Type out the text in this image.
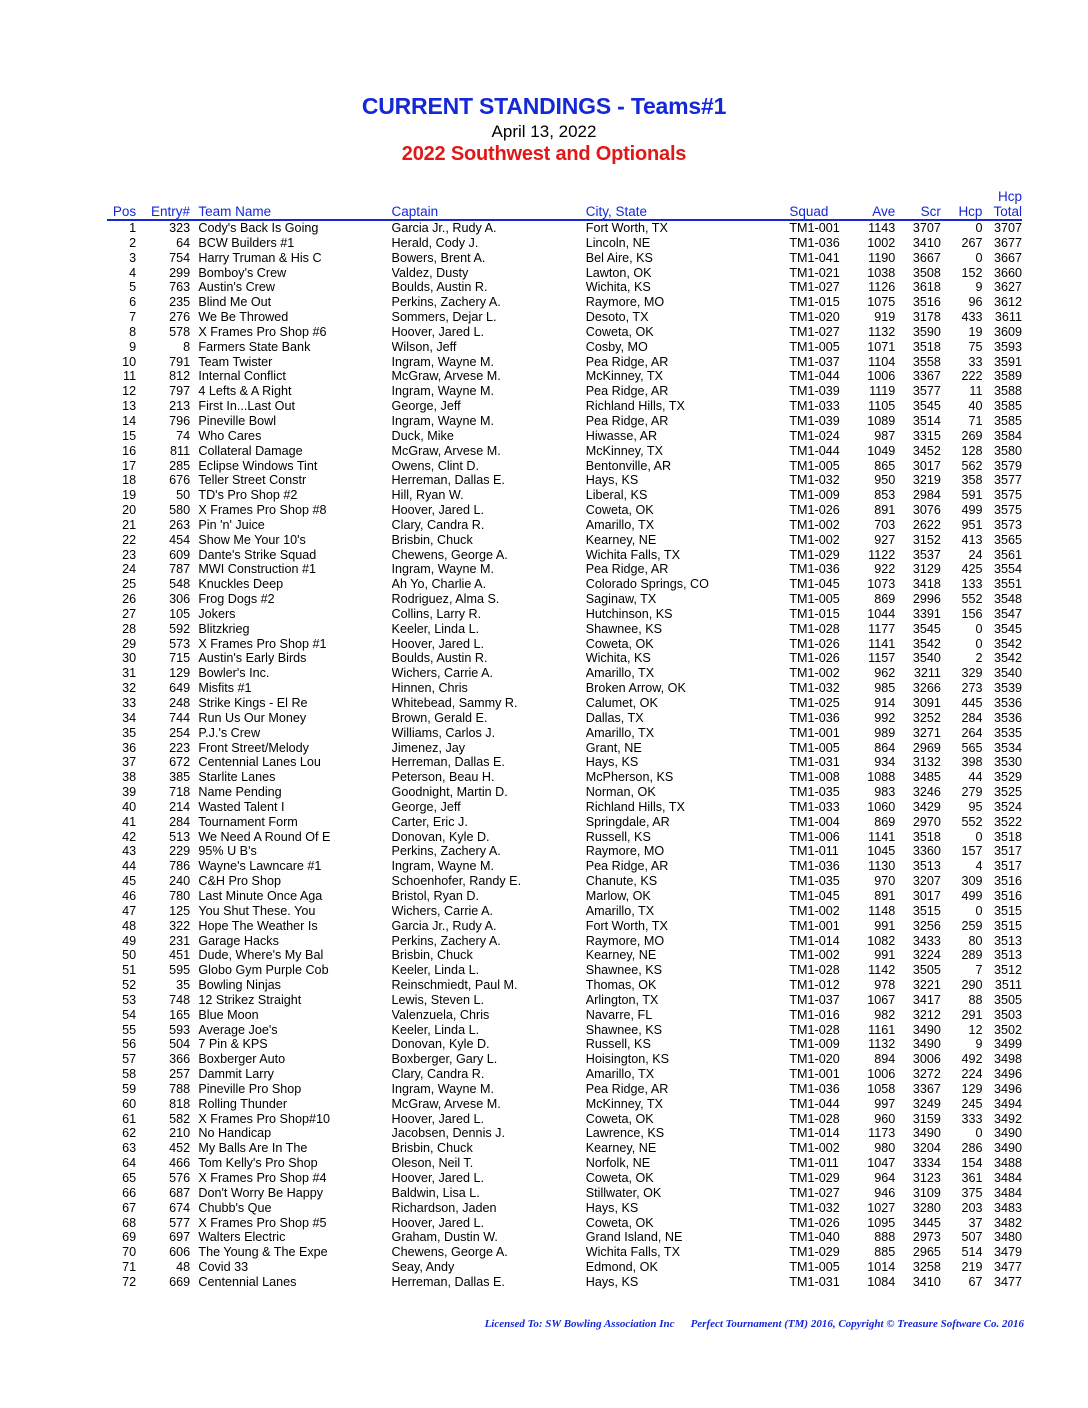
CURRENT STANDINGS - Teams#1
April 13, 2022
2022 Southwest and Optionals
Pos	Entry#		Team Name	Captain	City, State	Squad	Ave	Scr	Hcp	Hcp
Total
1	323		Cody's Back Is Going	Garcia Jr., Rudy A.	Fort Worth, TX	TM1-001	1143	3707	0	3707
2	64		BCW Builders #1	Herald, Cody J.	Lincoln, NE	TM1-036	1002	3410	267	3677
3	754		Harry Truman & His C	Bowers, Brent A.	Bel Aire, KS	TM1-041	1190	3667	0	3667
4	299		Bomboy's Crew	Valdez, Dusty	Lawton, OK	TM1-021	1038	3508	152	3660
5	763		Austin's Crew	Boulds, Austin R.	Wichita, KS	TM1-027	1126	3618	9	3627
6	235		Blind Me Out	Perkins, Zachery A.	Raymore, MO	TM1-015	1075	3516	96	3612
7	276		We Be Throwed	Sommers, Dejar L.	Desoto, TX	TM1-020	919	3178	433	3611
8	578		X Frames Pro Shop #6	Hoover, Jared L.	Coweta, OK	TM1-027	1132	3590	19	3609
9	8		Farmers State Bank	Wilson, Jeff	Cosby, MO	TM1-005	1071	3518	75	3593
10	791		Team Twister	Ingram, Wayne M.	Pea Ridge, AR	TM1-037	1104	3558	33	3591
11	812		Internal Conflict	McGraw, Arvese M.	McKinney, TX	TM1-044	1006	3367	222	3589
12	797		4 Lefts & A Right	Ingram, Wayne M.	Pea Ridge, AR	TM1-039	1119	3577	11	3588
13	213		First In...Last Out	George, Jeff	Richland Hills, TX	TM1-033	1105	3545	40	3585
14	796		Pineville Bowl	Ingram, Wayne M.	Pea Ridge, AR	TM1-039	1089	3514	71	3585
15	74		Who Cares	Duck, Mike	Hiwasse, AR	TM1-024	987	3315	269	3584
16	811		Collateral Damage	McGraw, Arvese M.	McKinney, TX	TM1-044	1049	3452	128	3580
17	285		Eclipse Windows Tint	Owens, Clint D.	Bentonville, AR	TM1-005	865	3017	562	3579
18	676		Teller Street Constr	Herreman, Dallas E.	Hays, KS	TM1-032	950	3219	358	3577
19	50		TD's Pro Shop #2	Hill, Ryan W.	Liberal, KS	TM1-009	853	2984	591	3575
20	580		X Frames Pro Shop #8	Hoover, Jared L.	Coweta, OK	TM1-026	891	3076	499	3575
21	263		Pin 'n' Juice	Clary, Candra R.	Amarillo, TX	TM1-002	703	2622	951	3573
22	454		Show Me Your 10's	Brisbin, Chuck	Kearney, NE	TM1-002	927	3152	413	3565
23	609		Dante's Strike Squad	Chewens, George A.	Wichita Falls, TX	TM1-029	1122	3537	24	3561
24	787		MWI Construction #1	Ingram, Wayne M.	Pea Ridge, AR	TM1-036	922	3129	425	3554
25	548		Knuckles Deep	Ah Yo, Charlie A.	Colorado Springs, CO	TM1-045	1073	3418	133	3551
26	306		Frog Dogs #2	Rodriguez, Alma S.	Saginaw, TX	TM1-005	869	2996	552	3548
27	105		Jokers	Collins, Larry R.	Hutchinson, KS	TM1-015	1044	3391	156	3547
28	592		Blitzkrieg	Keeler, Linda L.	Shawnee, KS	TM1-028	1177	3545	0	3545
29	573		X Frames Pro Shop #1	Hoover, Jared L.	Coweta, OK	TM1-026	1141	3542	0	3542
30	715		Austin's Early Birds	Boulds, Austin R.	Wichita, KS	TM1-026	1157	3540	2	3542
31	129		Bowler's Inc.	Wichers, Carrie A.	Amarillo, TX	TM1-002	962	3211	329	3540
32	649		Misfits #1	Hinnen, Chris	Broken Arrow, OK	TM1-032	985	3266	273	3539
33	248		Strike Kings - El Re	Whitebead, Sammy R.	Calumet, OK	TM1-025	914	3091	445	3536
34	744		Run Us Our Money	Brown, Gerald E.	Dallas, TX	TM1-036	992	3252	284	3536
35	254		P.J.'s Crew	Williams, Carlos J.	Amarillo, TX	TM1-001	989	3271	264	3535
36	223		Front Street/Melody	Jimenez, Jay	Grant, NE	TM1-005	864	2969	565	3534
37	672		Centennial Lanes Lou	Herreman, Dallas E.	Hays, KS	TM1-031	934	3132	398	3530
38	385		Starlite Lanes	Peterson, Beau H.	McPherson, KS	TM1-008	1088	3485	44	3529
39	718		Name Pending	Goodnight, Martin D.	Norman, OK	TM1-035	983	3246	279	3525
40	214		Wasted Talent I	George, Jeff	Richland Hills, TX	TM1-033	1060	3429	95	3524
41	284		Tournament Form	Carter, Eric J.	Springdale, AR	TM1-004	869	2970	552	3522
42	513		We Need A Round Of E	Donovan, Kyle D.	Russell, KS	TM1-006	1141	3518	0	3518
43	229		95% U B's	Perkins, Zachery A.	Raymore, MO	TM1-011	1045	3360	157	3517
44	786		Wayne's Lawncare #1	Ingram, Wayne M.	Pea Ridge, AR	TM1-036	1130	3513	4	3517
45	240		C&H Pro Shop	Schoenhofer, Randy E.	Chanute, KS	TM1-035	970	3207	309	3516
46	780		Last Minute Once Aga	Bristol, Ryan D.	Marlow, OK	TM1-045	891	3017	499	3516
47	125		You Shut These. You	Wichers, Carrie A.	Amarillo, TX	TM1-002	1148	3515	0	3515
48	322		Hope The Weather Is	Garcia Jr., Rudy A.	Fort Worth, TX	TM1-001	991	3256	259	3515
49	231		Garage Hacks	Perkins, Zachery A.	Raymore, MO	TM1-014	1082	3433	80	3513
50	451		Dude, Where's My Bal	Brisbin, Chuck	Kearney, NE	TM1-002	991	3224	289	3513
51	595		Globo Gym Purple Cob	Keeler, Linda L.	Shawnee, KS	TM1-028	1142	3505	7	3512
52	35		Bowling Ninjas	Reinschmiedt, Paul M.	Thomas, OK	TM1-012	978	3221	290	3511
53	748		12 Strikez Straight	Lewis, Steven L.	Arlington, TX	TM1-037	1067	3417	88	3505
54	165		Blue Moon	Valenzuela, Chris	Navarre, FL	TM1-016	982	3212	291	3503
55	593		Average Joe's	Keeler, Linda L.	Shawnee, KS	TM1-028	1161	3490	12	3502
56	504		7 Pin & KPS	Donovan, Kyle D.	Russell, KS	TM1-009	1132	3490	9	3499
57	366		Boxberger Auto	Boxberger, Gary L.	Hoisington, KS	TM1-020	894	3006	492	3498
58	257		Dammit Larry	Clary, Candra R.	Amarillo, TX	TM1-001	1006	3272	224	3496
59	788		Pineville Pro Shop	Ingram, Wayne M.	Pea Ridge, AR	TM1-036	1058	3367	129	3496
60	818		Rolling Thunder	McGraw, Arvese M.	McKinney, TX	TM1-044	997	3249	245	3494
61	582		X Frames Pro Shop#10	Hoover, Jared L.	Coweta, OK	TM1-028	960	3159	333	3492
62	210		No Handicap	Jacobsen, Dennis J.	Lawrence, KS	TM1-014	1173	3490	0	3490
63	452		My Balls Are In The	Brisbin, Chuck	Kearney, NE	TM1-002	980	3204	286	3490
64	466		Tom Kelly's Pro Shop	Oleson, Neil T.	Norfolk, NE	TM1-011	1047	3334	154	3488
65	576		X Frames Pro Shop #4	Hoover, Jared L.	Coweta, OK	TM1-029	964	3123	361	3484
66	687		Don't Worry Be Happy	Baldwin, Lisa L.	Stillwater, OK	TM1-027	946	3109	375	3484
67	674		Chubb's Que	Richardson, Jaden	Hays, KS	TM1-032	1027	3280	203	3483
68	577		X Frames Pro Shop #5	Hoover, Jared L.	Coweta, OK	TM1-026	1095	3445	37	3482
69	697		Walters Electric	Graham, Dustin W.	Grand Island, NE	TM1-040	888	2973	507	3480
70	606		The Young & The Expe	Chewens, George A.	Wichita Falls, TX	TM1-029	885	2965	514	3479
71	48		Covid 33	Seay, Andy	Edmond, OK	TM1-005	1014	3258	219	3477
72	669		Centennial Lanes	Herreman, Dallas E.	Hays, KS	TM1-031	1084	3410	67	3477
Licensed To: SW Bowling Association Inc Perfect Tournament (TM) 2016, Copyright © Treasure Software Co. 2016
